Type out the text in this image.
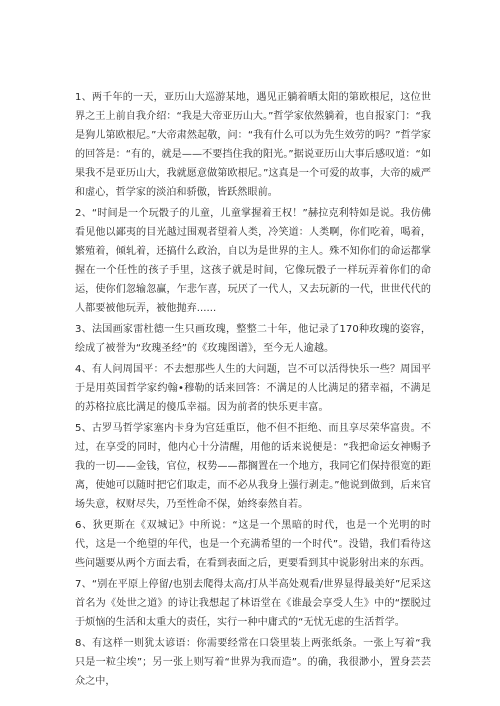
1、两千年的一天，亚历山大巡游某地，遇见正躺着晒太阳的第欧根尼，这位世界之王上前自我介绍：“我是大帝亚历山大。”哲学家依然躺着，也自报家门：“我是狗儿第欧根尼。”大帝肃然起敬，问：“我有什么可以为先生效劳的吗？”哲学家的回答是：“有的，就是——不要挡住我的阳光。”据说亚历山大事后感叹道：“如果我不是亚历山大，我就愿意做第欧根尼。”这真是一个可爱的故事，大帝的威严和虚心，哲学家的淡泊和骄傲，皆跃然眼前。

2、“时间是一个玩骰子的儿童，儿童掌握着王权！”赫拉克利特如是说。我仿佛看见他以鄙夷的目光越过围观者望着人类，冷笑道：人类啊，你们吃着，喝着，繁殖着，倾轧着，还搞什么政治，自以为是世界的主人。殊不知你们的命运都掌握在一个任性的孩子手里，这孩子就是时间，它像玩骰子一样玩弄着你们的命运，使你们忽输忽赢，乍悲乍喜，玩厌了一代人，又去玩新的一代，世世代代的人都要被他玩弄，被他抛弃......

3、法国画家雷杜德一生只画玫瑰，整整二十年，他记录了170种玫瑰的姿容，绘成了被誉为“玫瑰圣经”的《玫瑰图谱》，至今无人逾越。

4、有人问周国平：不去想那些人生的大问题，岂不可以活得快乐一些？周国平于是用英国哲学家约翰•穆勒的话来回答：不满足的人比满足的猪幸福，不满足的苏格拉底比满足的傻瓜幸福。因为前者的快乐更丰富。

5、古罗马哲学家塞内卡身为宫廷重臣，他不但不拒绝、而且享尽荣华富贵。不过，在享受的同时，他内心十分清醒，用他的话来说便是：“我把命运女神赐予我的一切——金钱，官位，权势——都搁置在一个地方，我同它们保持很宽的距离，使她可以随时把它们取走，而不必从我身上强行剥走。”他说到做到，后来官场失意，权财尽失，乃至性命不保，始终泰然自若。

6、狄更斯在《双城记》中所说：“这是一个黑暗的时代，也是一个光明的时代，这是一个绝望的年代，也是一个充满希望的一个时代”。没错，我们看待这些问题要从两个方面去看，在看到表面之后，更要看到其中说影射出来的东西。

7、“别在平原上停留/也别去爬得太高/打从半高处观看/世界显得最美好”尼采这首名为《处世之道》的诗让我想起了林语堂在《谁最会享受人生》中的“摆脱过于烦恼的生活和太重大的责任，实行一种中庸式的“无忧无虑的生活哲学。

8、有这样一则犹太谚语：你需要经常在口袋里装上两张纸条。一张上写着“我只是一粒尘埃”；另一张上则写着“世界为我而造”。的确，我很渺小，置身芸芸众之中，
